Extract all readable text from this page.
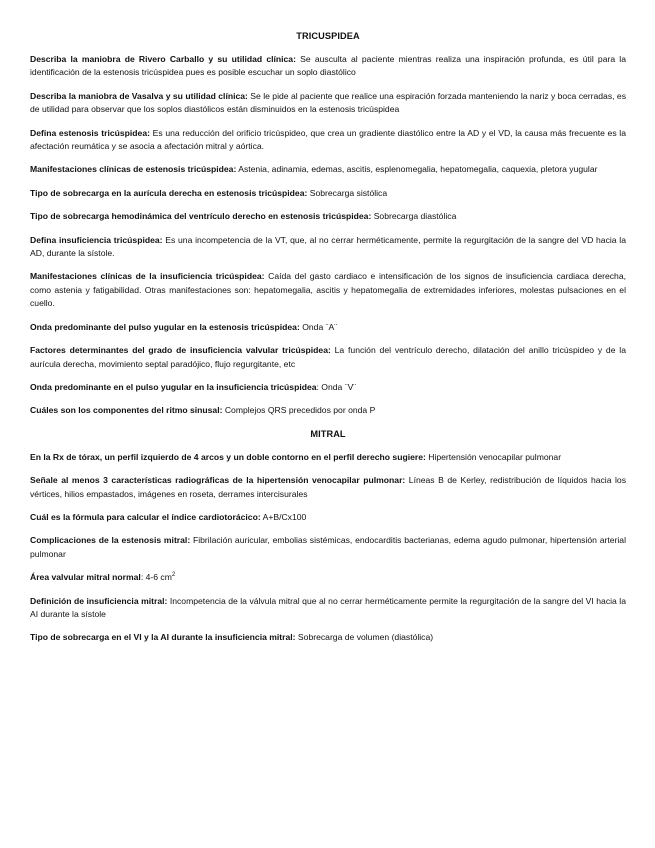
TRICUSPIDEA

Describa la maniobra de Rivero Carballo y su utilidad clínica: Se ausculta al paciente mientras realiza una inspiración profunda, es útil para la identificación de la estenosis tricúspidea pues es posible escuchar un soplo diastólico

Describa la maniobra de Vasalva y su utilidad clínica: Se le pide al paciente que realice una espiración forzada manteniendo la nariz y boca cerradas, es de utilidad para observar que los soplos diastólicos están disminuidos en la estenosis tricúspidea

Defina estenosis tricúspidea: Es una reducción del orificio tricúspideo, que crea un gradiente diastólico entre la AD y el VD, la causa más frecuente es la afectación reumática y se asocia a afectación mitral y aórtica.

Manifestaciones clínicas de estenosis tricúspidea: Astenia, adinamia, edemas, ascitis, esplenomegalia, hepatomegalia, caquexia, pletora yugular

Tipo de sobrecarga en la aurícula derecha en estenosis tricúspidea: Sobrecarga sistólica

Tipo de sobrecarga hemodinámica del ventrículo derecho en estenosis tricúspidea: Sobrecarga diastólica

Defina insuficiencia tricúspidea: Es una incompetencia de la VT, que, al no cerrar herméticamente, permite la regurgitación de la sangre del VD hacia la AD, durante la sístole.

Manifestaciones clínicas de la insuficiencia tricúspidea: Caída del gasto cardiaco e intensificación de los signos de insuficiencia cardiaca derecha, como astenia y fatigabilidad. Otras manifestaciones son: hepatomegalia, ascitis y hepatomegalia de extremidades inferiores, molestas pulsaciones en el cuello.

Onda predominante del pulso yugular en la estenosis tricúspidea: Onda ¨A¨

Factores determinantes del grado de insuficiencia valvular tricúspidea: La función del ventrículo derecho, dilatación del anillo tricúspideo y de la aurícula derecha, movimiento septal paradójico, flujo regurgitante, etc

Onda predominante en el pulso yugular en la insuficiencia tricúspidea: Onda ¨V¨

Cuáles son los componentes del ritmo sinusal: Complejos QRS precedidos por onda P

MITRAL

En la Rx de tórax, un perfil izquierdo de 4 arcos y un doble contorno en el perfil derecho sugiere: Hipertensión venocapilar pulmonar

Señale al menos 3 características radiográficas de la hipertensión venocapilar pulmonar: Líneas B de Kerley, redistribución de líquidos hacia los vértices, hilios empastados, imágenes en roseta, derrames intercisurales

Cuál es la fórmula para calcular el índice cardiotorácico: A+B/Cx100

Complicaciones de la estenosis mitral: Fibrilación auricular, embolias sistémicas, endocarditis bacterianas, edema agudo pulmonar, hipertensión arterial pulmonar

Área valvular mitral normal: 4-6 $cm^2$

Definición de insuficiencia mitral: Incompetencia de la válvula mitral que al no cerrar herméticamente permite la regurgitación de la sangre del VI hacia la AI durante la sístole

Tipo de sobrecarga en el VI y la AI durante la insuficiencia mitral: Sobrecarga de volumen (diastólica)
